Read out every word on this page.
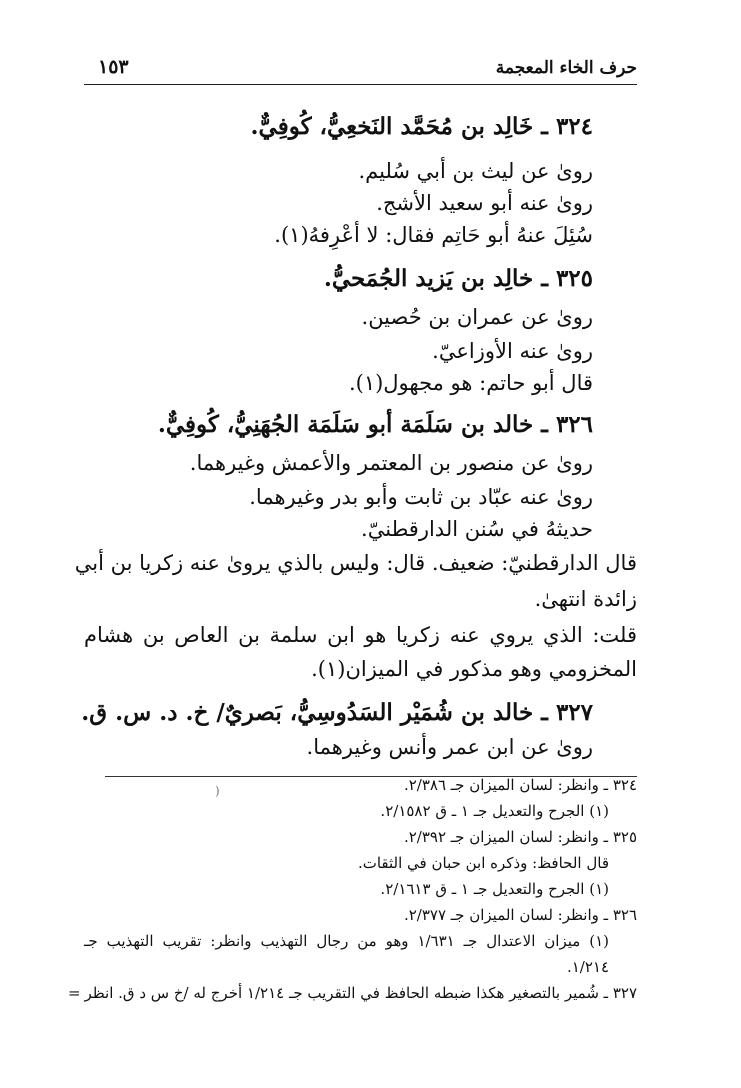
حرف الخاء المعجمة
١٥٣
٣٢٤ ـ خَالِد بن مُحَمَّد النَخعِيُّ، كُوفِيٌّ.
روىٰ عن ليث بن أبي سُليم.
روىٰ عنه أبو سعيد الأشج.
سُئِلَ عنهُ أبو حَاتِم فقال: لا أعْرِفهُ(١).
٣٢٥ ـ خالِد بن يَزيد الجُمَحيُّ.
روىٰ عن عمران بن حُصين.
روىٰ عنه الأوزاعيّ.
قال أبو حاتم: هو مجهول(١).
٣٢٦ ـ خالد بن سَلَمَة أبو سَلَمَة الجُهَنِيُّ، كُوفِيٌّ.
روىٰ عن منصور بن المعتمر والأعمش وغيرهما.
روىٰ عنه عبّاد بن ثابت وأبو بدر وغيرهما.
حديثهُ في سُنن الدارقطنيّ.
قال الدارقطنيّ: ضعيف. قال: وليس بالذي يروىٰ عنه زكريا بن أبي
زائدة انتهىٰ.
قلت: الذي يروي عنه زكريا هو ابن سلمة بن العاص بن هشام
المخزومي وهو مذكور في الميزان(١).
٣٢٧ ـ خالد بن شُمَيْر السَدُوسِيُّ، بَصريٌ/ خ. د. س. ق.
روىٰ عن ابن عمر وأنس وغيرهما.
)	٣٢٤ ـ وانظر: لسان الميزان جـ ٢/٣٨٦.
(١) الجرح والتعديل جـ ١ ـ ق ٢/١٥٨٢.
٣٢٥ ـ وانظر: لسان الميزان جـ ٢/٣٩٢.
قال الحافظ: وذكره ابن حبان في الثقات.
(١) الجرح والتعديل جـ ١ ـ ق ٢/١٦١٣.
٣٢٦ ـ وانظر: لسان الميزان جـ ٢/٣٧٧.
(١) ميزان الاعتدال جـ ١/٦٣١ وهو من رجال التهذيب وانظر: تقريب التهذيب جـ
١/٢١٤.
٣٢٧ ـ شُمير بالتصغير هكذا ضبطه الحافظ في التقريب جـ ١/٢١٤ أخرج له /خ س د ق. انظر
=
